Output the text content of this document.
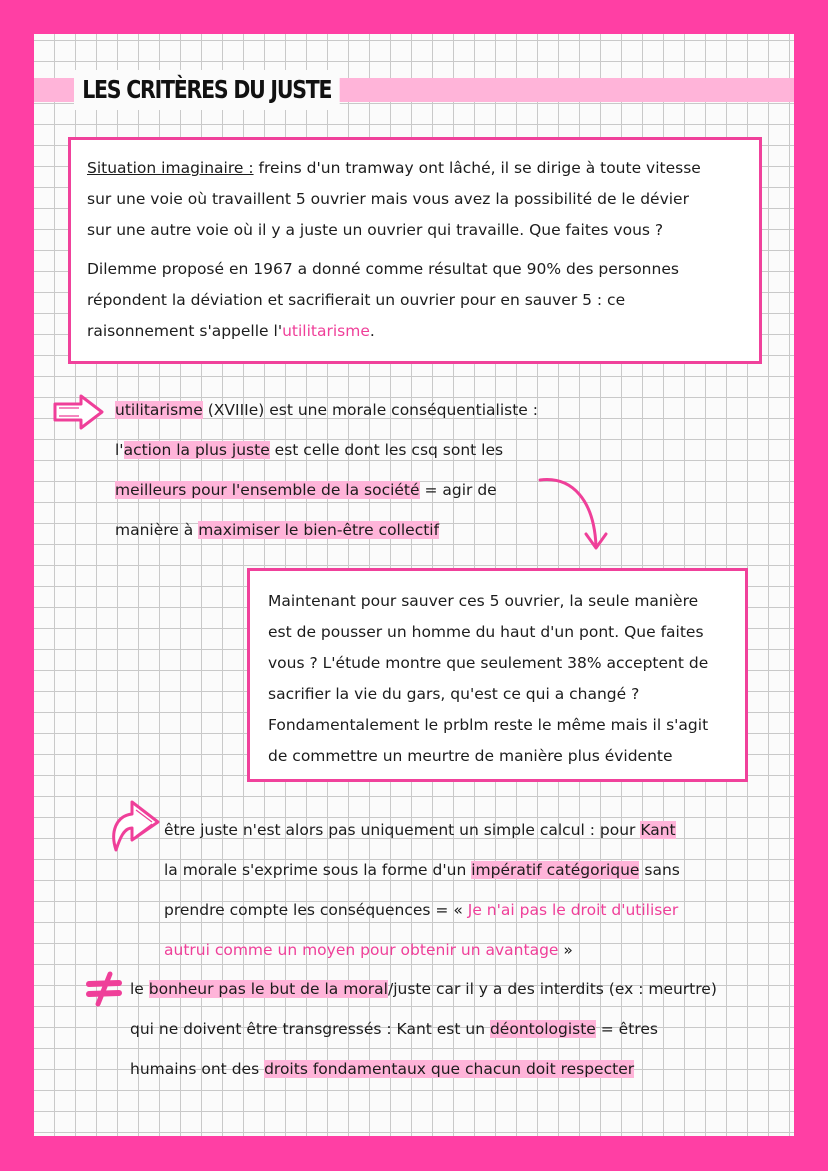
LES CRITÈRES DU JUSTE

Situation imaginaire : freins d'un tramway ont lâché, il se dirige à toute vitesse
sur une voie où travaillent 5 ouvrier mais vous avez la possibilité de le dévier
sur une autre voie où il y a juste un ouvrier qui travaille. Que faites vous ?

Dilemme proposé en 1967 a donné comme résultat que 90% des personnes
répondent la déviation et sacrifierait un ouvrier pour en sauver 5 : ce
raisonnement s'appelle l'utilitarisme.

utilitarisme (XVIIIe) est une morale conséquentialiste :
l'action la plus juste est celle dont les csq sont les
meilleurs pour l'ensemble de la société = agir de
manière à maximiser le bien-être collectif

Maintenant pour sauver ces 5 ouvrier, la seule manière
est de pousser un homme du haut d'un pont. Que faites
vous ? L'étude montre que seulement 38% acceptent de
sacrifier la vie du gars, qu'est ce qui a changé ?
Fondamentalement le prblm reste le même mais il s'agit
de commettre un meurtre de manière plus évidente

être juste n'est alors pas uniquement un simple calcul : pour Kant
la morale s'exprime sous la forme d'un impératif catégorique sans
prendre compte les conséquences = « Je n'ai pas le droit d'utiliser
autrui comme un moyen pour obtenir un avantage »
le bonheur pas le but de la moral/juste car il y a des interdits (ex : meurtre)
qui ne doivent être transgressés : Kant est un déontologiste = êtres
humains ont des droits fondamentaux que chacun doit respecter
